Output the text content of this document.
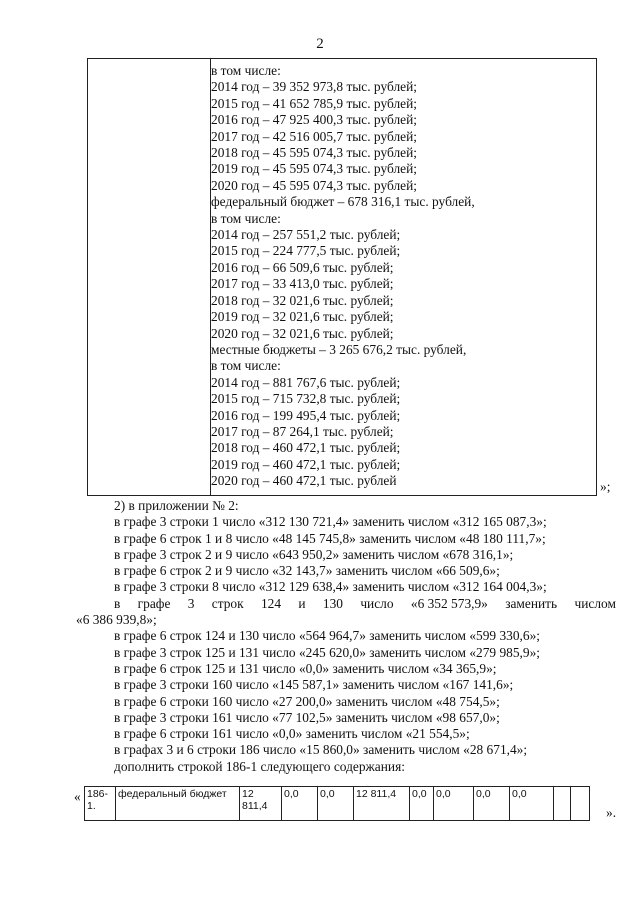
2
в том числе:
2014 год – 39 352 973,8 тыс. рублей;
2015 год – 41 652 785,9 тыс. рублей;
2016 год – 47 925 400,3 тыс. рублей;
2017 год – 42 516 005,7 тыс. рублей;
2018 год – 45 595 074,3 тыс. рублей;
2019 год – 45 595 074,3 тыс. рублей;
2020 год – 45 595 074,3 тыс. рублей;
федеральный бюджет – 678 316,1 тыс. рублей,
в том числе:
2014 год – 257 551,2 тыс. рублей;
2015 год – 224 777,5 тыс. рублей;
2016 год – 66 509,6 тыс. рублей;
2017 год – 33 413,0 тыс. рублей;
2018 год – 32 021,6 тыс. рублей;
2019 год – 32 021,6 тыс. рублей;
2020 год – 32 021,6 тыс. рублей;
местные бюджеты – 3 265 676,2 тыс. рублей,
в том числе:
2014 год – 881 767,6 тыс. рублей;
2015 год – 715 732,8 тыс. рублей;
2016 год – 199 495,4 тыс. рублей;
2017 год – 87 264,1 тыс. рублей;
2018 год – 460 472,1 тыс. рублей;
2019 год – 460 472,1 тыс. рублей;
2020 год – 460 472,1 тыс. рублей	»;
2) в приложении № 2:
в графе 3 строки 1 число «312 130 721,4» заменить числом «312 165 087,3»;
в графе 6 строк 1 и 8 число «48 145 745,8» заменить числом «48 180 111,7»;
в графе 3 строк 2 и 9 число «643 950,2» заменить числом «678 316,1»;
в графе 6 строк 2 и 9 число «32 143,7» заменить числом «66 509,6»;
в графе 3 строки 8 число «312 129 638,4» заменить числом «312 164 004,3»;
в графе 3 строк 124 и 130 число «6 352 573,9» заменить числом
«6 386 939,8»;
в графе 6 строк 124 и 130 число «564 964,7» заменить числом «599 330,6»;
в графе 3 строк 125 и 131 число «245 620,0» заменить числом «279 985,9»;
в графе 6 строк 125 и 131 число «0,0» заменить числом «34 365,9»;
в графе 3 строки 160 число «145 587,1» заменить числом «167 141,6»;
в графе 6 строки 160 число «27 200,0» заменить числом «48 754,5»;
в графе 3 строки 161 число «77 102,5» заменить числом «98 657,0»;
в графе 6 строки 161 число «0,0» заменить числом «21 554,5»;
в графах 3 и 6 строки 186 число «15 860,0» заменить числом «28 671,4»;
дополнить строкой 186-1 следующего содержания:
« 186-1.	федеральный бюджет	12 811,4	0,0	0,0	12 811,4	0,0	0,0	0,0	0,0		
».
